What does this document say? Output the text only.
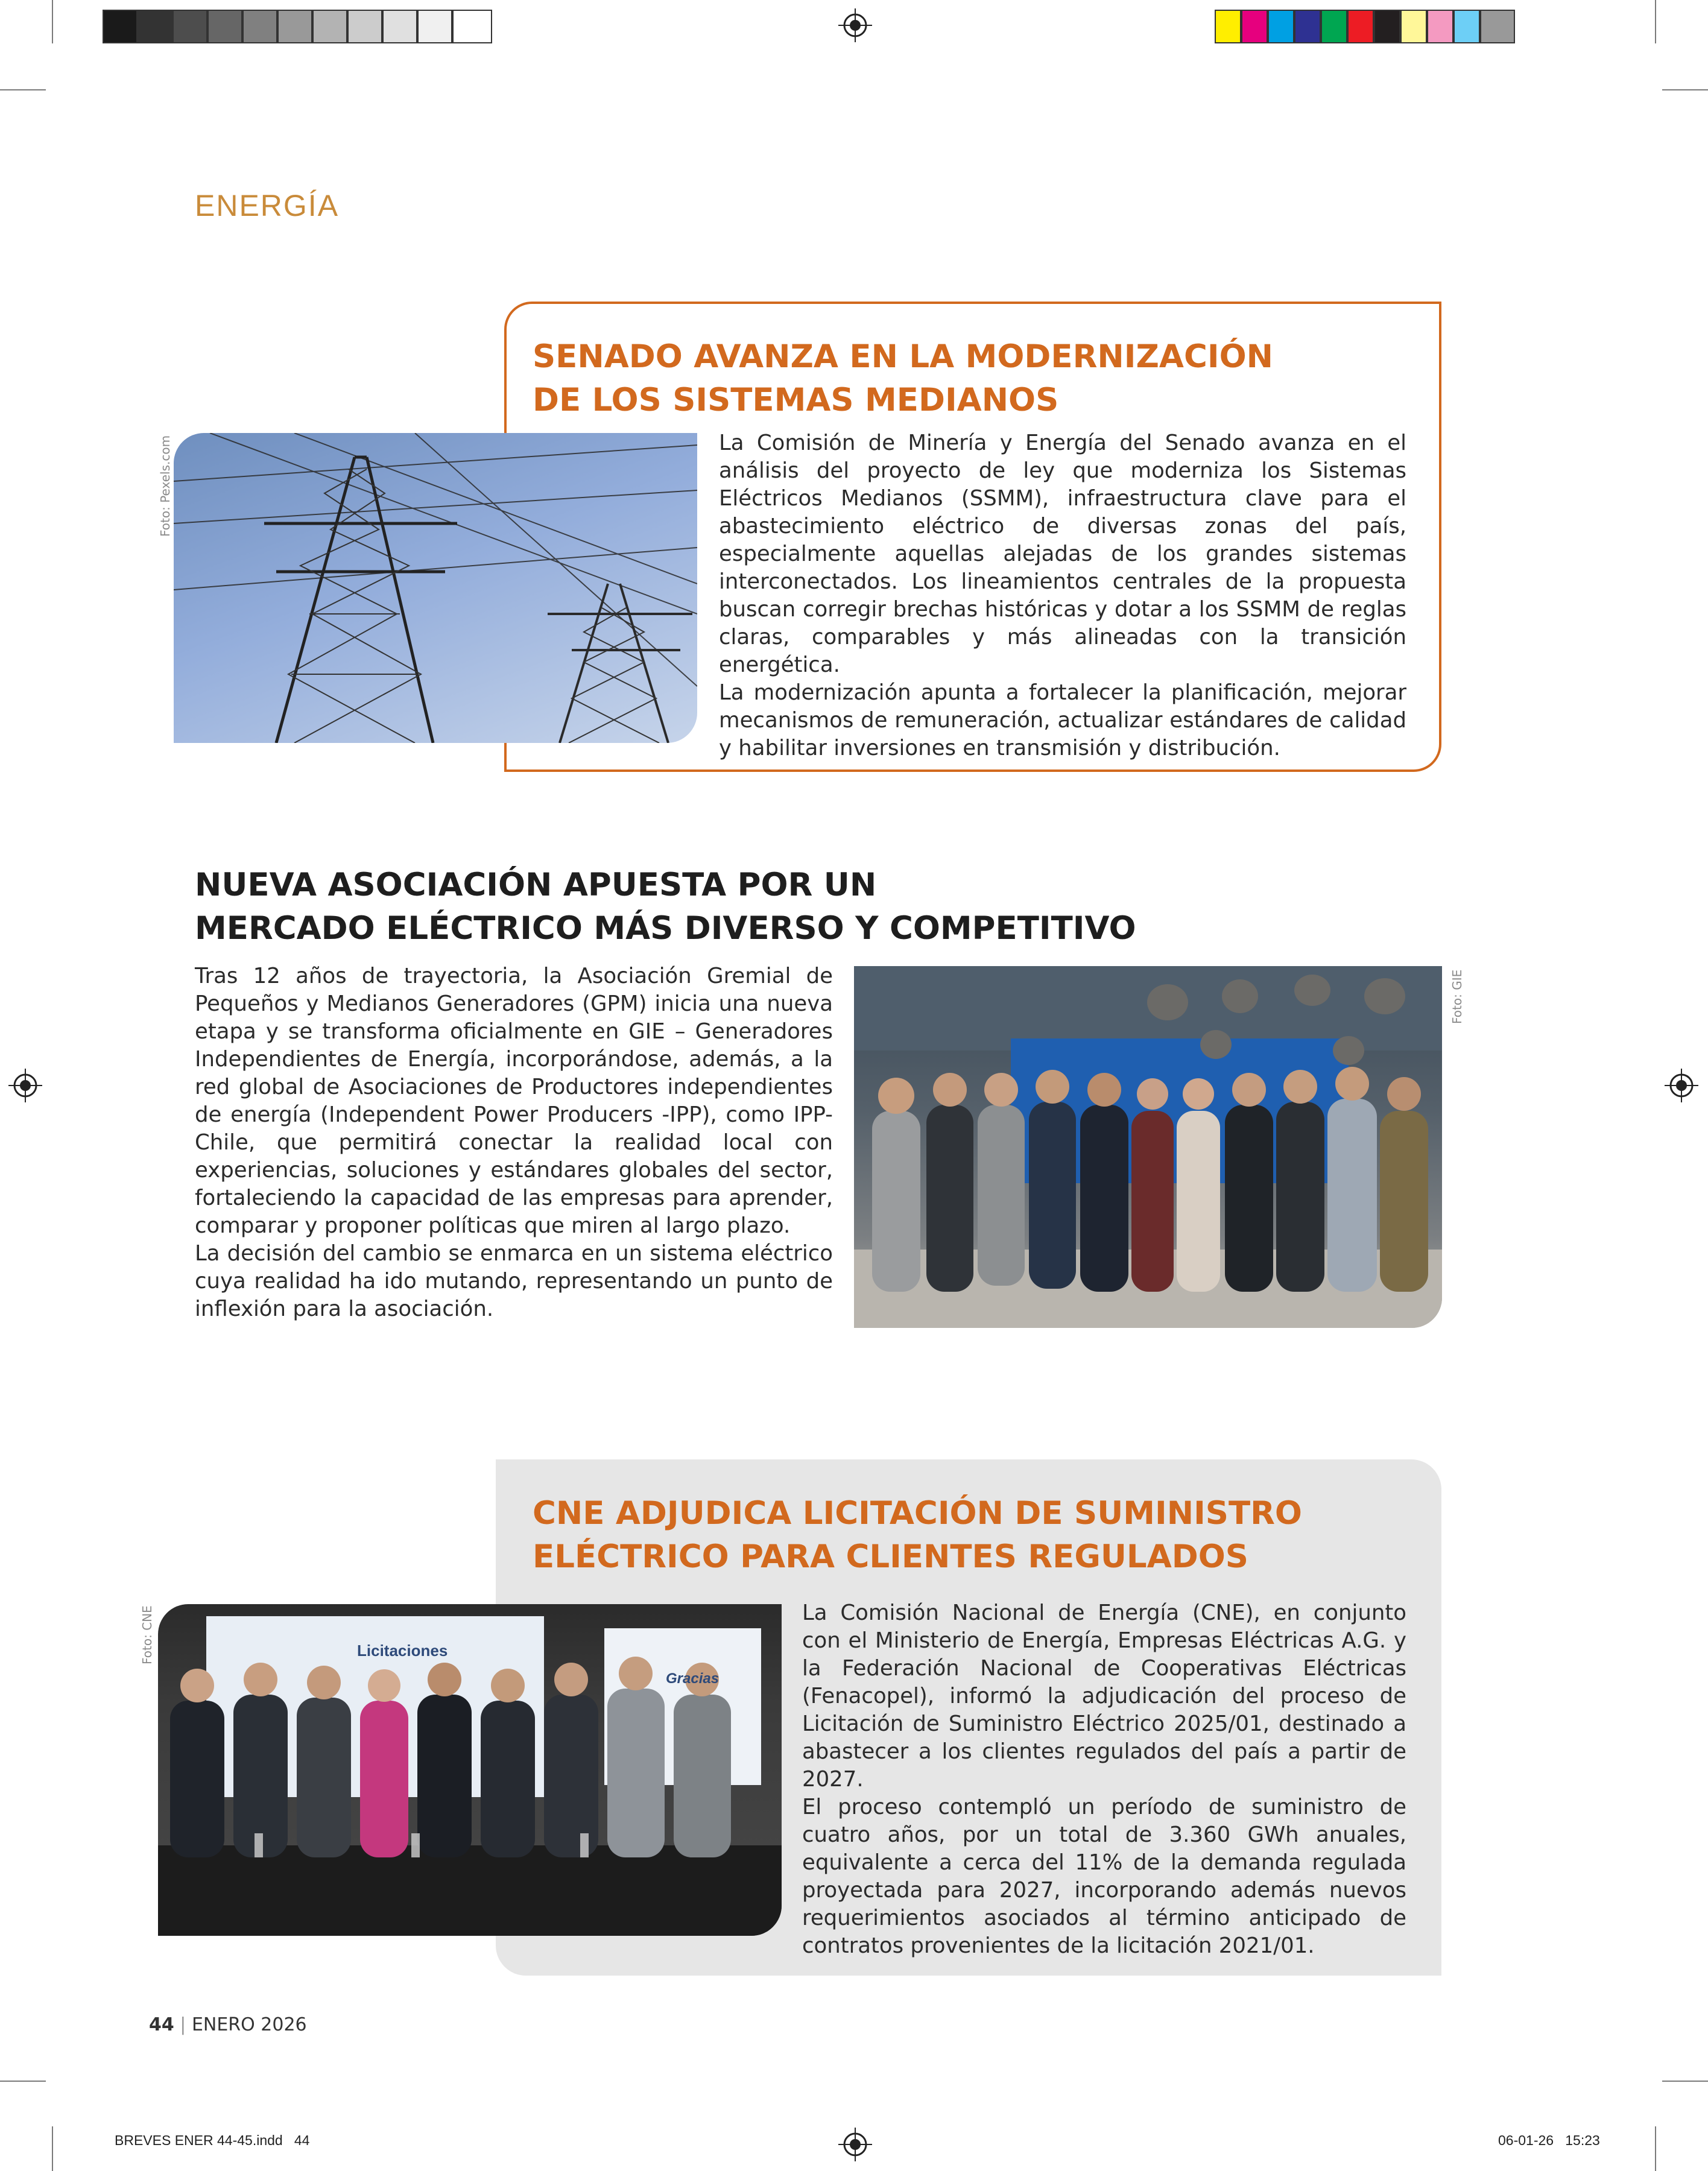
ENERGÍA
SENADO AVANZA EN LA MODERNIZACIÓN
DE LOS SISTEMAS MEDIANOS
Foto: Pexels.com	La Comisión de Minería y Energía del Senado avanza en el análisis del proyecto de ley que moderniza los Sistemas Eléctricos Medianos (SSMM), infraestructura clave para el abastecimiento eléctrico de diversas zonas del país, especialmente aquellas alejadas de los grandes sistemas interconectados. Los lineamientos centrales de la propuesta buscan corregir brechas históricas y dotar a los SSMM de reglas claras, comparables y más alineadas con la transición energética.

La modernización apunta a fortalecer la planificación, mejorar mecanismos de remuneración, actualizar estándares de calidad y habilitar inversiones en transmisión y distribución.

NUEVA ASOCIACIÓN APUESTA POR UN
MERCADO ELÉCTRICO MÁS DIVERSO Y COMPETITIVO

Tras 12 años de trayectoria, la Asociación Gremial de Pequeños y Medianos Generadores (GPM) inicia una nueva etapa y se transforma oficialmente en GIE – Generadores Independientes de Energía, incorporándose, además, a la red global de Asociaciones de Productores independientes de energía (Independent Power Producers -IPP), como IPP-Chile, que permitirá conectar la realidad local con experiencias, soluciones y estándares globales del sector, fortaleciendo la capacidad de las empresas para aprender, comparar y proponer políticas que miren al largo plazo.

La decisión del cambio se enmarca en un sistema eléctrico cuya realidad ha ido mutando, representando un punto de inflexión para la asociación.

Foto: GIE
CNE ADJUDICA LICITACIÓN DE SUMINISTRO
ELÉCTRICO PARA CLIENTES REGULADOS
Licitaciones
Gracias
Foto: CNE	La Comisión Nacional de Energía (CNE), en conjunto con el Ministerio de Energía, Empresas Eléctricas A.G. y la Federación Nacional de Cooperativas Eléctricas (Fenacopel), informó la adjudicación del proceso de Licitación de Suministro Eléctrico 2025/01, destinado a abastecer a los clientes regulados del país a partir de 2027.

El proceso contempló un período de suministro de cuatro años, por un total de 3.360 GWh anuales, equivalente a cerca del 11% de la demanda regulada proyectada para 2027, incorporando además nuevos requerimientos asociados al término anticipado de contratos provenientes de la licitación 2021/01.

44 | ENERO 2026
BREVES ENER 44-45.indd   44	06-01-26   15:23
